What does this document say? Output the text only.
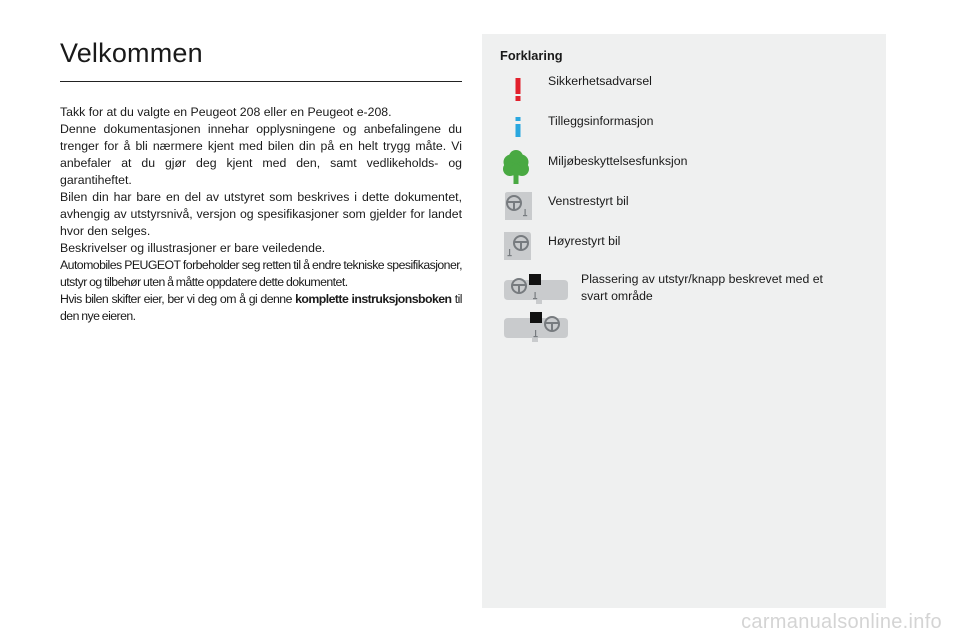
Velkommen

Takk for at du valgte en Peugeot 208 eller en Peugeot e-208.

Denne dokumentasjonen innehar opplysningene og anbefalingene du trenger for å bli nærmere kjent med bilen din på en helt trygg måte. Vi anbefaler at du gjør deg kjent med den, samt vedlikeholds- og garantiheftet.

Bilen din har bare en del av utstyret som beskrives i dette dokumentet, avhengig av utstyrsnivå, versjon og spesifikasjoner som gjelder for landet hvor den selges.

Beskrivelser og illustrasjoner er bare veiledende.

Automobiles PEUGEOT forbeholder seg retten til å endre tekniske spesifikasjoner, utstyr og tilbehør uten å måtte oppdatere dette dokumentet.

Hvis bilen skifter eier, ber vi deg om å gi denne komplette instruksjonsboken til den nye eieren.

Forklaring
Sikkerhetsadvarsel
Tilleggsinformasjon
Miljøbeskyttelsesfunksjon
Venstrestyrt bil
Høyrestyrt bil
Plassering av utstyr/knapp beskrevet med et svart område
carmanualsonline.info
